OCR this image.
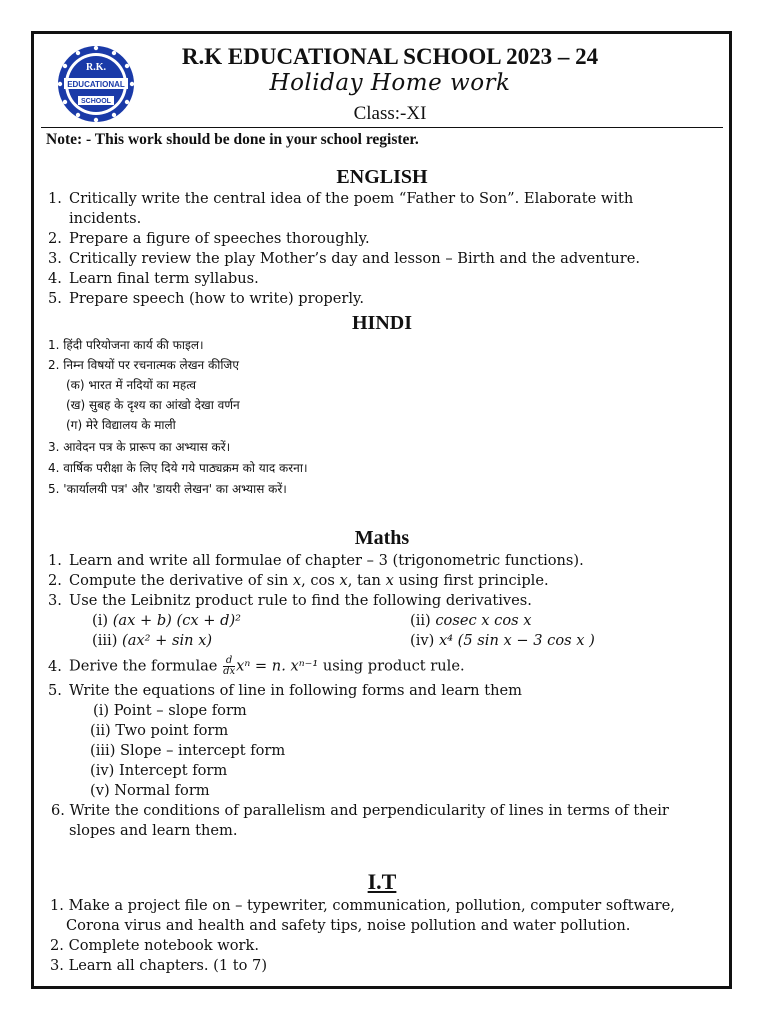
R.K.
EDUCATIONAL
SCHOOL
R.K EDUCATIONAL SCHOOL 2023 – 24
Holiday Home work
Class:-XI
Note: - This work should be done in your school register.
ENGLISH
1. Critically write the central idea of the poem “Father to Son”. Elaborate with
incidents.
2. Prepare a figure of speeches thoroughly.
3. Critically review the play Mother’s day and lesson – Birth and the adventure.
4. Learn final term syllabus.
5. Prepare speech (how to write) properly.
HINDI
1. हिंदी परियोजना कार्य की फाइल।
2. निम्न विषयों पर रचनात्मक लेखन कीजिए
(क) भारत में नदियों का महत्व
(ख) सुबह के दृश्य का आंखो देखा वर्णन
(ग) मेरे विद्यालय के माली
3. आवेदन पत्र के प्रारूप का अभ्यास करें।
4. वार्षिक परीक्षा के लिए दिये गये पाठ्यक्रम को याद करना।
5. 'कार्यालयी पत्र' और 'डायरी लेखन' का अभ्यास करें।
Maths
1. Learn and write all formulae of chapter – 3 (trigonometric functions).
2. Compute the derivative of sin x, cos x, tan x using first principle.
3. Use the Leibnitz product rule to find the following derivatives.
(i) (ax + b) (cx + d)²	(ii) cosec x cos x
(iii) (ax² + sin x)	(iv) x⁴ (5 sin x − 3 cos x )
4. Derive the formulae $\frac{d}{dx}$ xⁿ = n. xⁿ⁻¹ using product rule.
5. Write the equations of line in following forms and learn them
(i) Point – slope form
(ii) Two point form
(iii) Slope – intercept form
(iv) Intercept form
(v) Normal form
6. Write the conditions of parallelism and perpendicularity of lines in terms of their
slopes and learn them.
I.T
1. Make a project file on – typewriter, communication, pollution, computer software,
Corona virus and health and safety tips, noise pollution and water pollution.
2. Complete notebook work.
3. Learn all chapters. (1 to 7)
